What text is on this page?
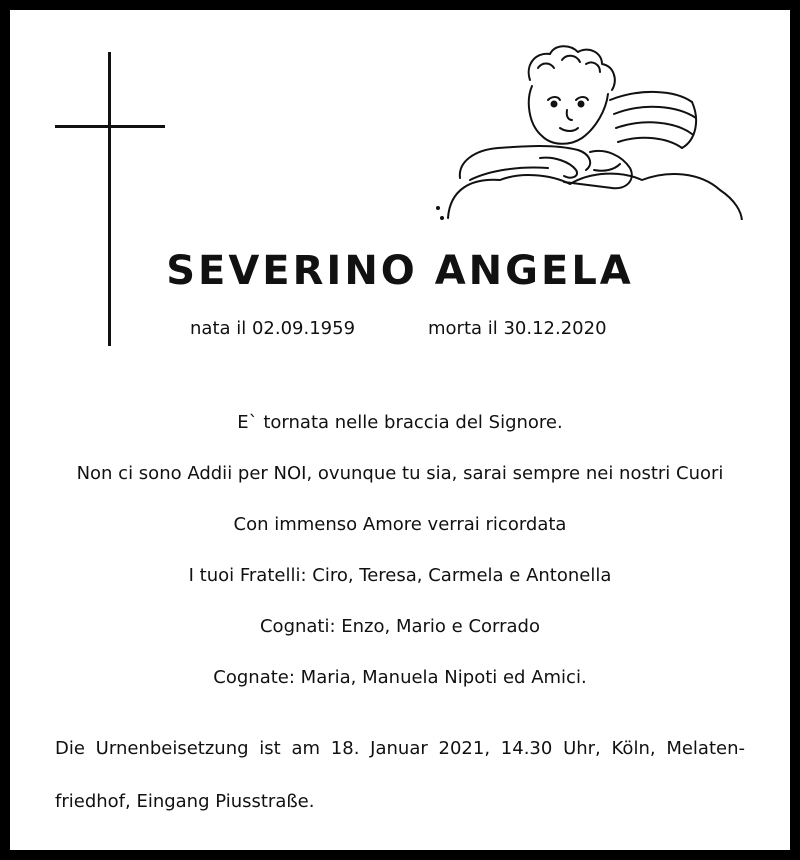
SEVERINO ANGELA
nata il 02.09.1959	morta il 30.12.2020
E` tornata nelle braccia del Signore.
Non ci sono Addii per NOI, ovunque tu sia, sarai sempre nei nostri Cuori
Con immenso Amore verrai ricordata
I tuoi Fratelli: Ciro, Teresa, Carmela e Antonella
Cognati: Enzo, Mario e Corrado
Cognate: Maria, Manuela Nipoti ed Amici.
Die Urnenbeisetzung ist am 18. Januar 2021, 14.30 Uhr, Köln, Melaten-
friedhof, Eingang Piusstraße.
